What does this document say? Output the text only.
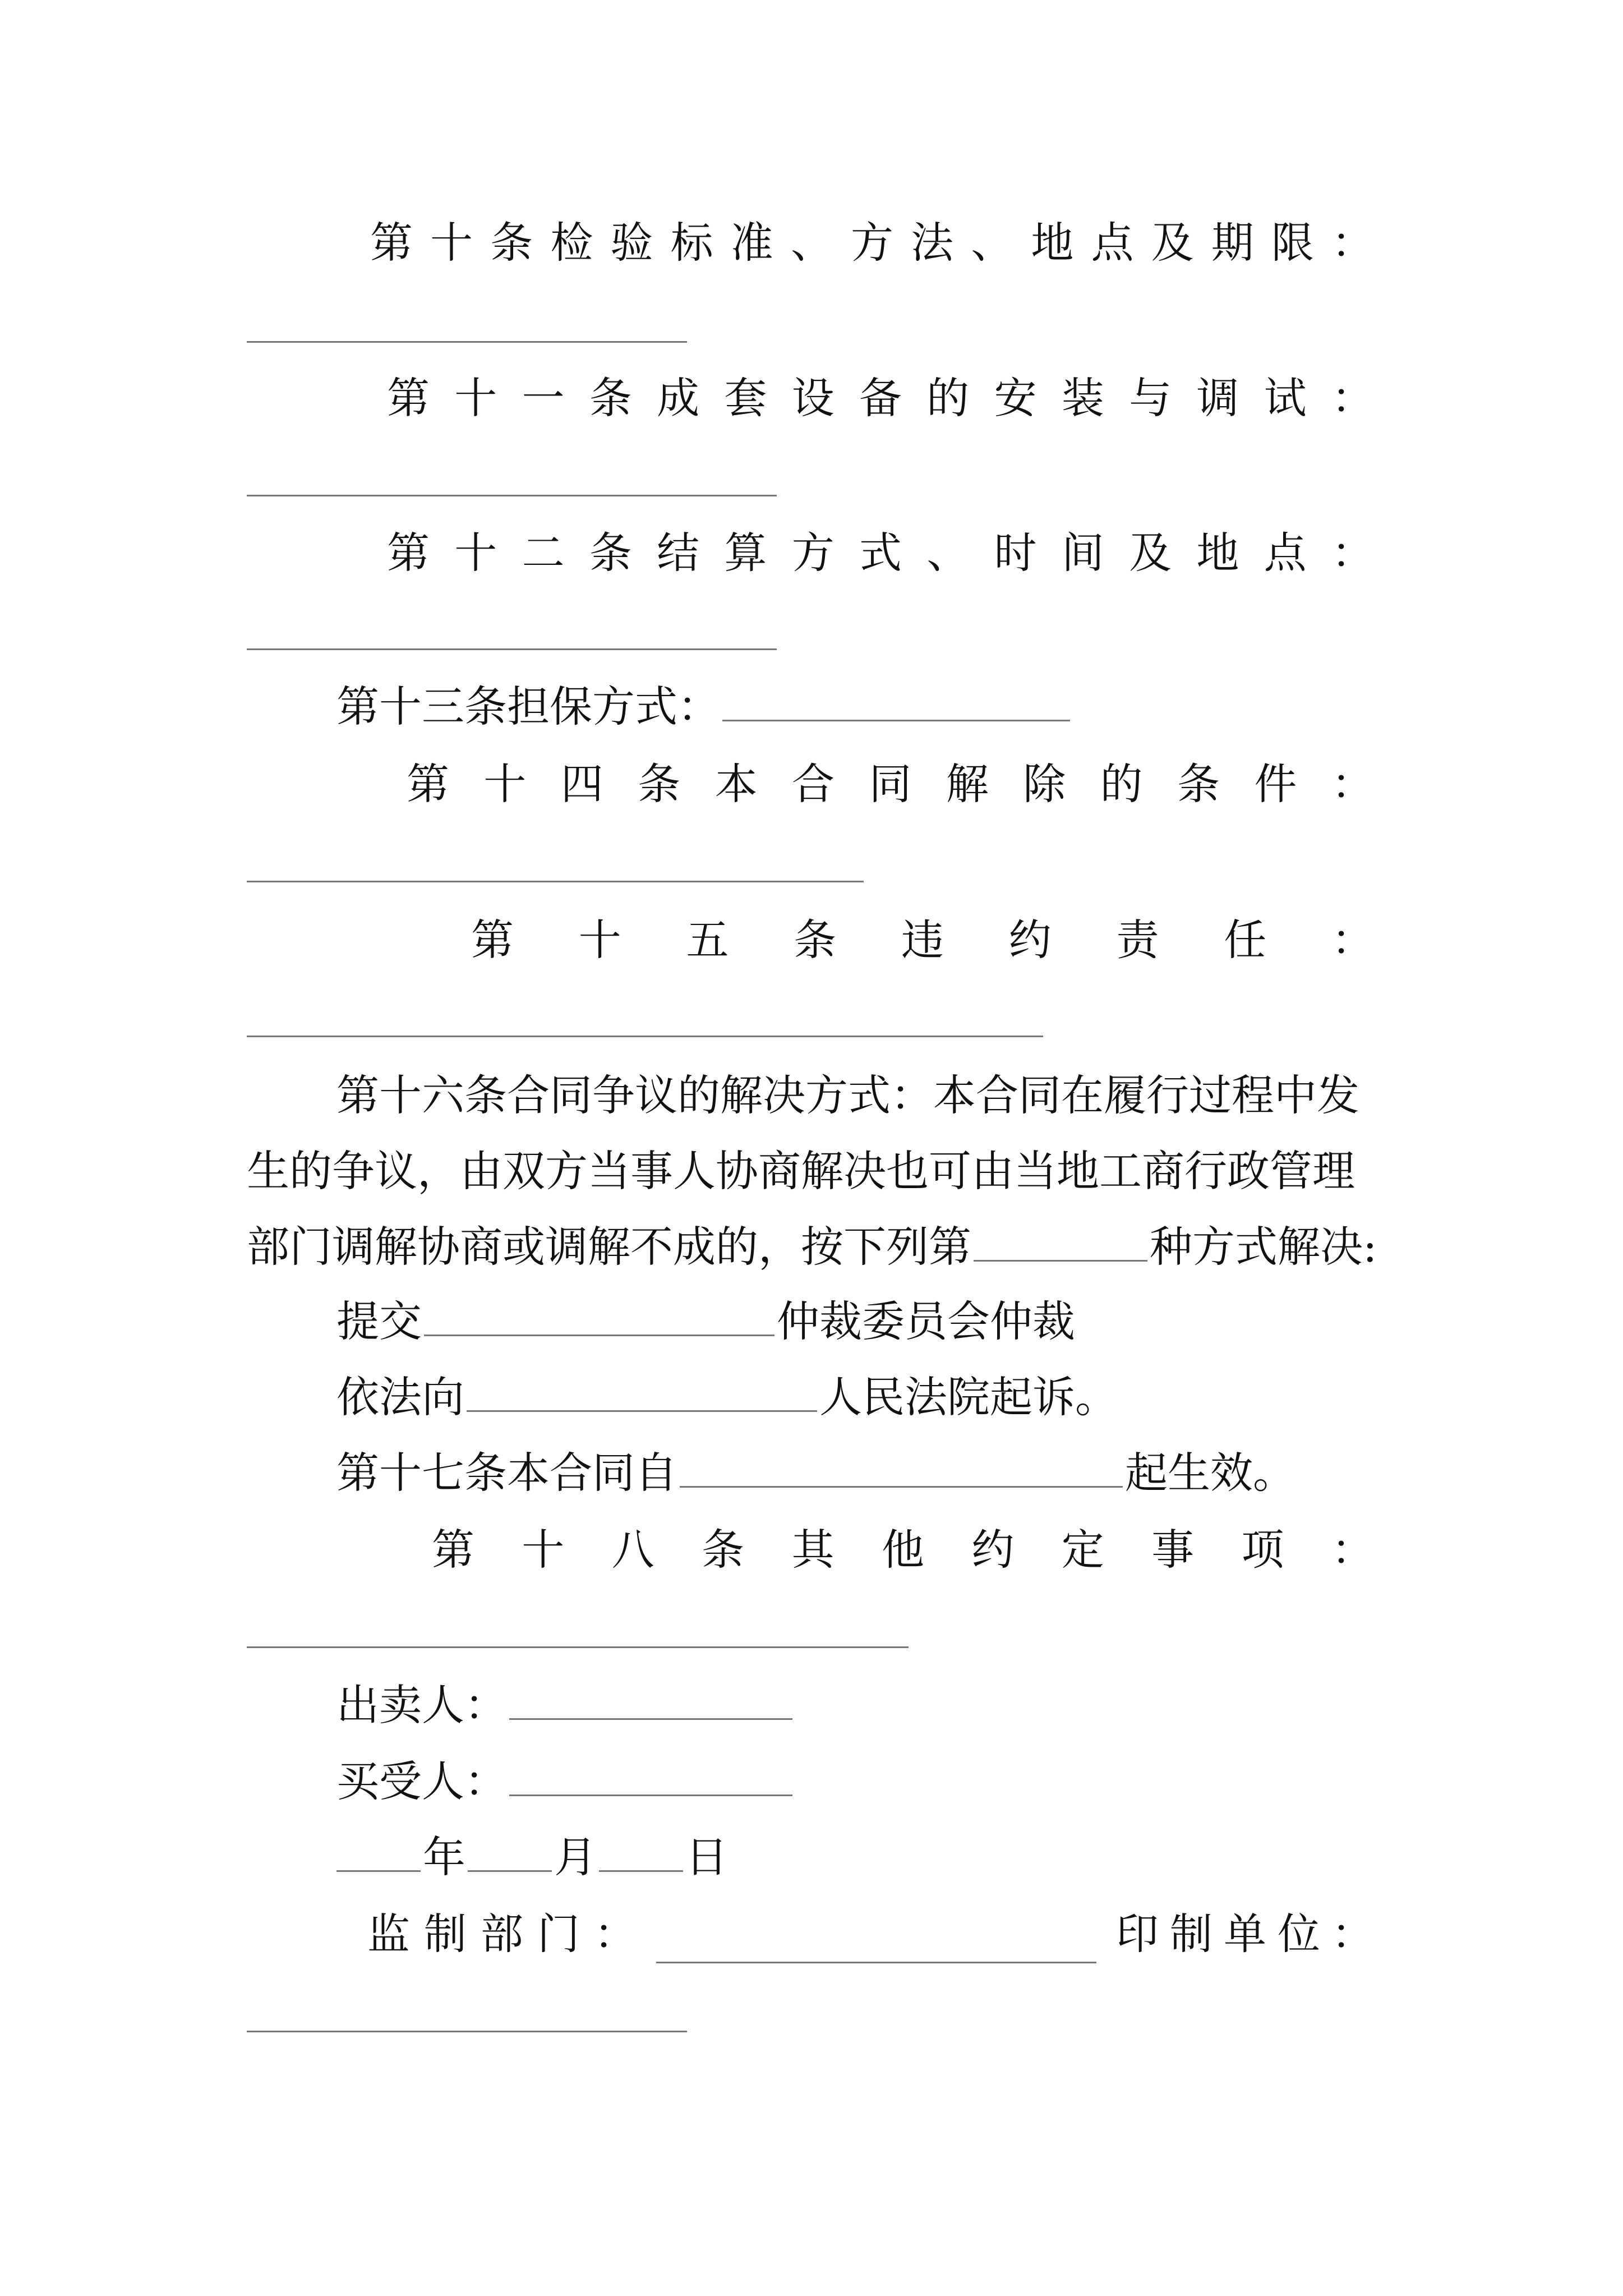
第 十 条 检 验 标 准 、 方 法 、 地 点 及 期 限 ：
第 十 一 条 成 套 设 备 的 安 装 与 调 试 ：
第 十 二 条 结 算 方 式 、 时 间 及 地 点 ：
第十三条担保方式：
第 十 四 条 本 合 同 解 除 的 条 件 ：
第 十 五 条 违 约 责 任 ：
第十六条合同争议的解决方式：本合同在履行过程中发
生的争议，由双方当事人协商解决也可由当地工商行政管理
部门调解协商或调解不成的，按下列第	种方式解决:
提交	仲裁委员会仲裁
依法向	人民法院起诉。
第十七条本合同自	起生效。
第 十 八 条 其 他 约 定 事 项 ：
出卖人：
买受人：
年 月 日
监 制 部 门 ：	印 制 单 位 ：
